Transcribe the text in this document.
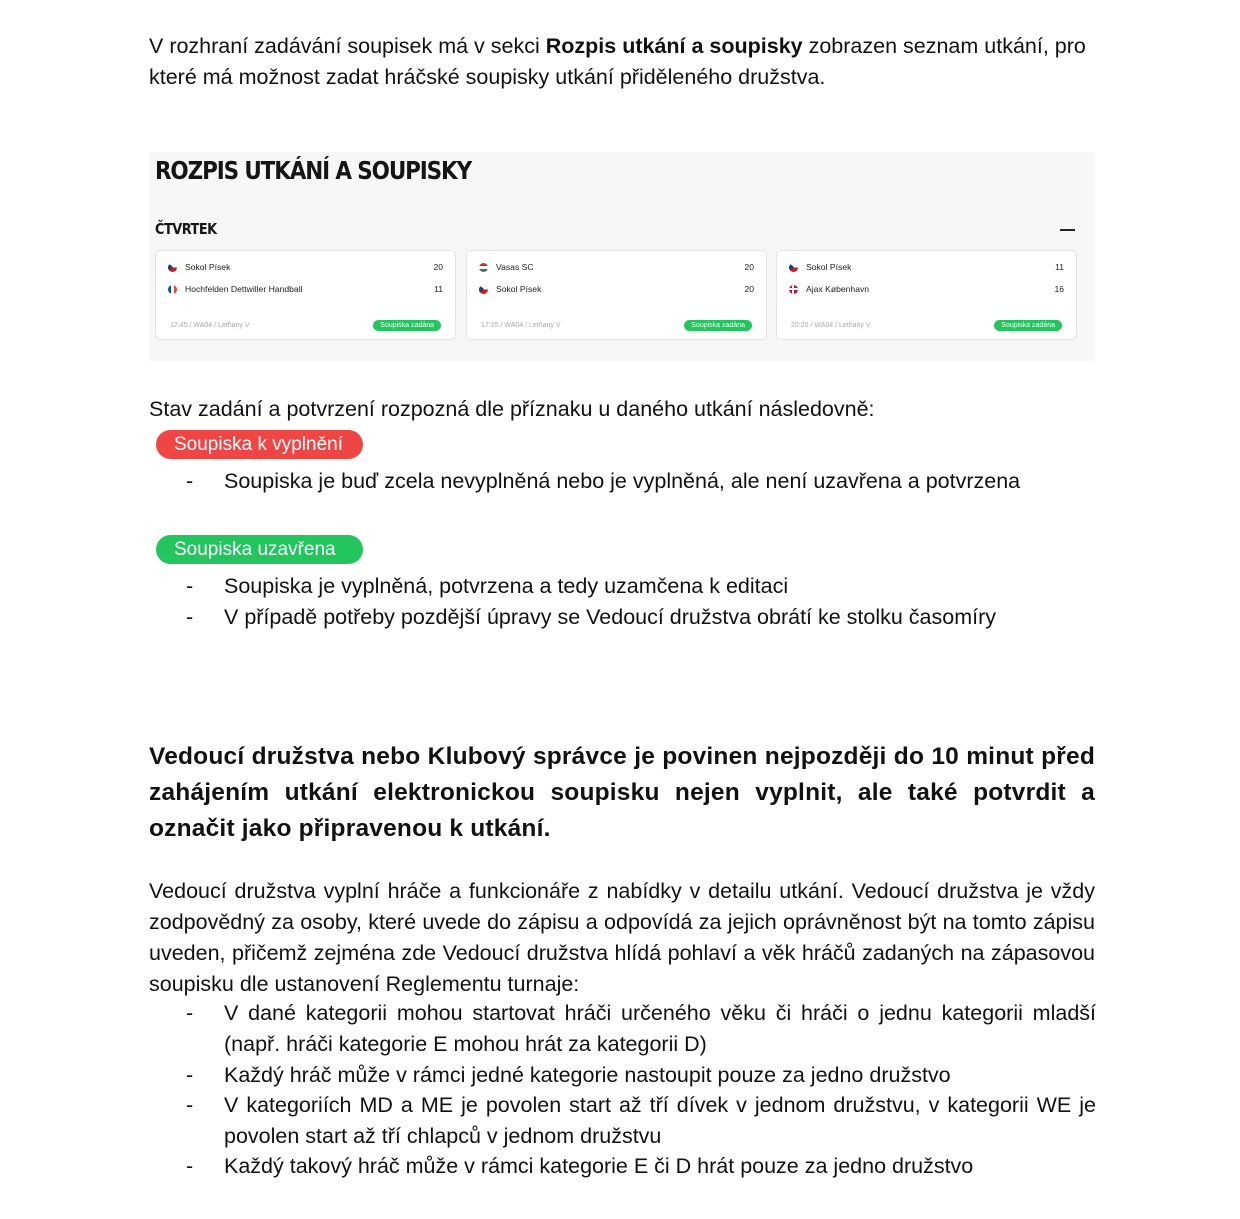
V rozhraní zadávání soupisek má v sekci Rozpis utkání a soupisky zobrazen seznam utkání, pro které má možnost zadat hráčské soupisky utkání přiděleného družstva.

ROZPIS UTKÁNÍ A SOUPISKY
ČTVRTEK
Sokol Písek	20
Hochfelden Dettwiller Handball	11
12:45 / WA04 / Letňany V	Soupiska zadána
Vasas SC	20
Sokol Písek	20
17:25 / WA04 / Letňany V	Soupiska zadána
Sokol Písek	11
Ajax København	16
20:20 / WA04 / Letňany V	Soupiska zadána

Stav zadání a potvrzení rozpozná dle příznaku u daného utkání následovně:

Soupiska k vyplnění
- Soupiska je buď zcela nevyplněná nebo je vyplněná, ale není uzavřena a potvrzena
Soupiska uzavřena
- Soupiska je vyplněná, potvrzena a tedy uzamčena k editaci
- V případě potřeby pozdější úpravy se Vedoucí družstva obrátí ke stolku časomíry

Vedoucí družstva nebo Klubový správce je povinen nejpozději do 10 minut před zahájením utkání elektronickou soupisku nejen vyplnit, ale také potvrdit a označit jako připravenou k utkání.

Vedoucí družstva vyplní hráče a funkcionáře z nabídky v detailu utkání. Vedoucí družstva je vždy zodpovědný za osoby, které uvede do zápisu a odpovídá za jejich oprávněnost být na tomto zápisu uveden, přičemž zejména zde Vedoucí družstva hlídá pohlaví a věk hráčů zadaných na zápasovou soupisku dle ustanovení Reglementu turnaje:

- V dané kategorii mohou startovat hráči určeného věku či hráči o jednu kategorii mladší (např. hráči kategorie E mohou hrát za kategorii D)
- Každý hráč může v rámci jedné kategorie nastoupit pouze za jedno družstvo
- V kategoriích MD a ME je povolen start až tří dívek v jednom družstvu, v kategorii WE je povolen start až tří chlapců v jednom družstvu
- Každý takový hráč může v rámci kategorie E či D hrát pouze za jedno družstvo
